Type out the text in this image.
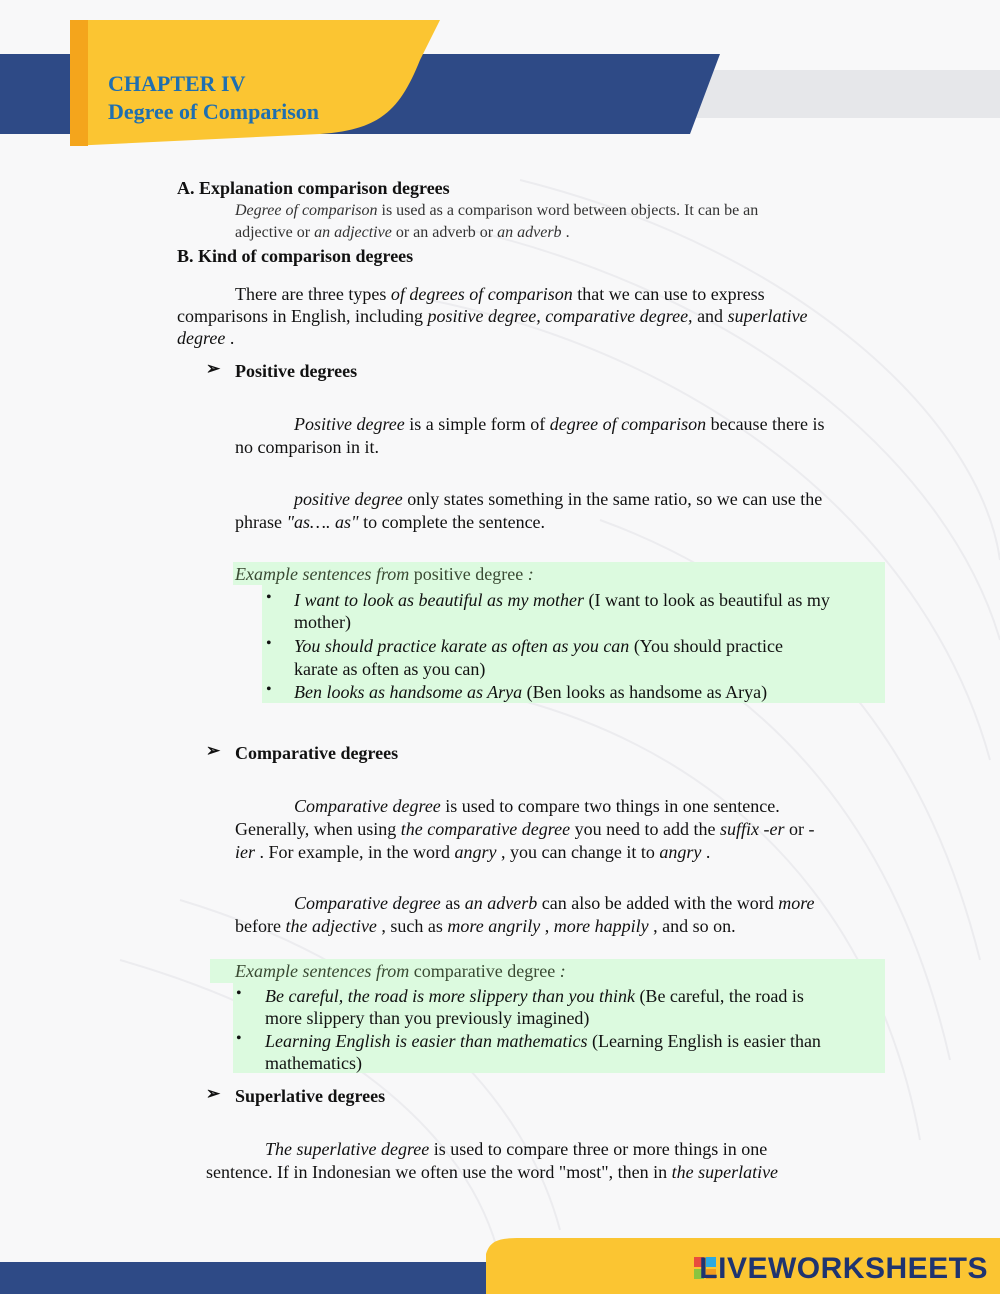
CHAPTER IV
Degree of Comparison

A. Explanation comparison degrees

Degree of comparison is used as a comparison word between objects. It can be an

adjective or an adjective or an adverb or an adverb .

B. Kind of comparison degrees

There are three types of degrees of comparison that we can use to express

comparisons in English, including positive degree, comparative degree, and superlative

degree .

➢ Positive degrees

Positive degree is a simple form of degree of comparison because there is

no comparison in it.

positive degree only states something in the same ratio, so we can use the

phrase "as…. as" to complete the sentence.

Example sentences from positive degree :

• I want to look as beautiful as my mother (I want to look as beautiful as my

mother)

• You should practice karate as often as you can (You should practice

karate as often as you can)

• Ben looks as handsome as Arya (Ben looks as handsome as Arya)

➢ Comparative degrees

Comparative degree is used to compare two things in one sentence.

Generally, when using the comparative degree you need to add the suffix -er or -

ier . For example, in the word angry , you can change it to angry .

Comparative degree as an adverb can also be added with the word more

before the adjective , such as more angrily , more happily , and so on.

Example sentences from comparative degree :

• Be careful, the road is more slippery than you think (Be careful, the road is

more slippery than you previously imagined)

• Learning English is easier than mathematics (Learning English is easier than

mathematics)

➢ Superlative degrees

The superlative degree is used to compare three or more things in one

sentence. If in Indonesian we often use the word "most", then in the superlative

LIVEWORKSHEETS
